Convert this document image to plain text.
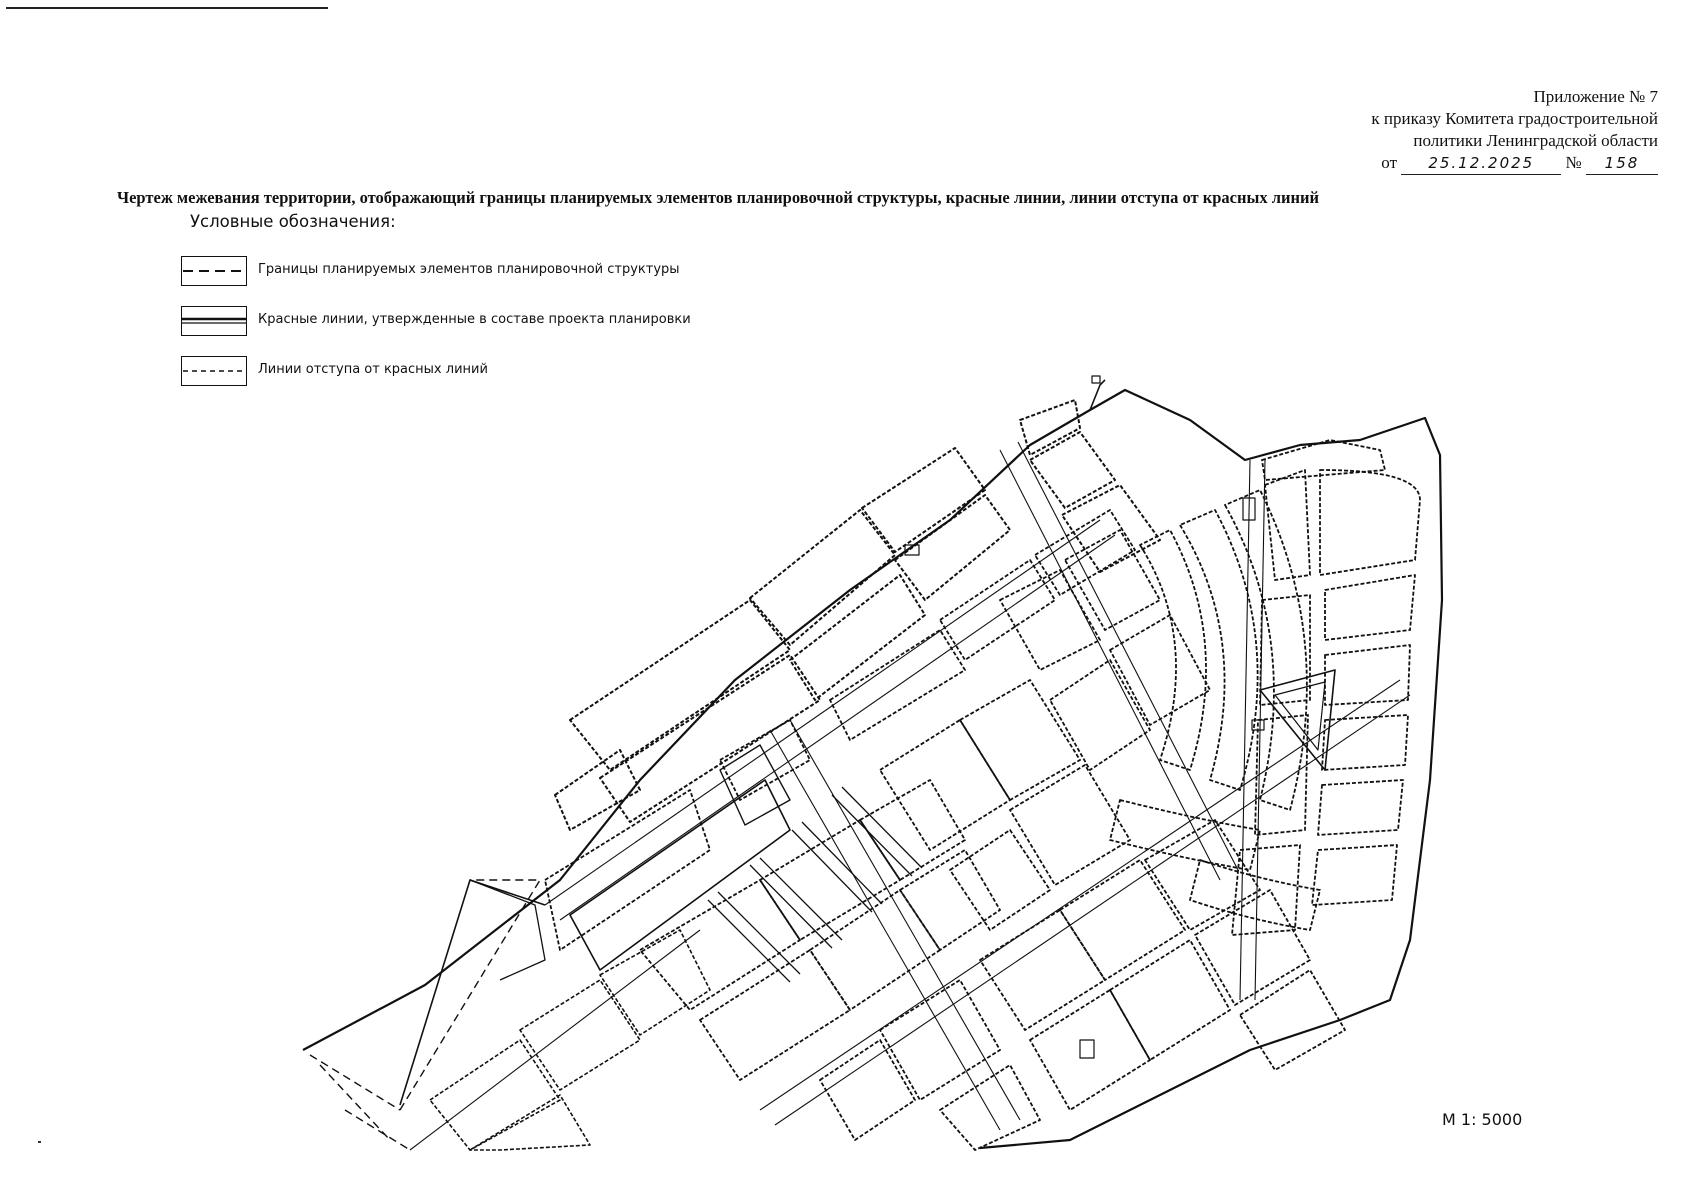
Приложение № 7
к приказу Комитета градостроительной
политики Ленинградской области
от 25.12.2025 № 158
Чертеж межевания территории, отображающий границы планируемых элементов планировочной структуры, красные линии, линии отступа от красных линий
Условные обозначения:
Границы планируемых элементов планировочной структуры
Красные линии, утвержденные в составе проекта планировки
Линии отступа от красных линий
М 1: 5000
